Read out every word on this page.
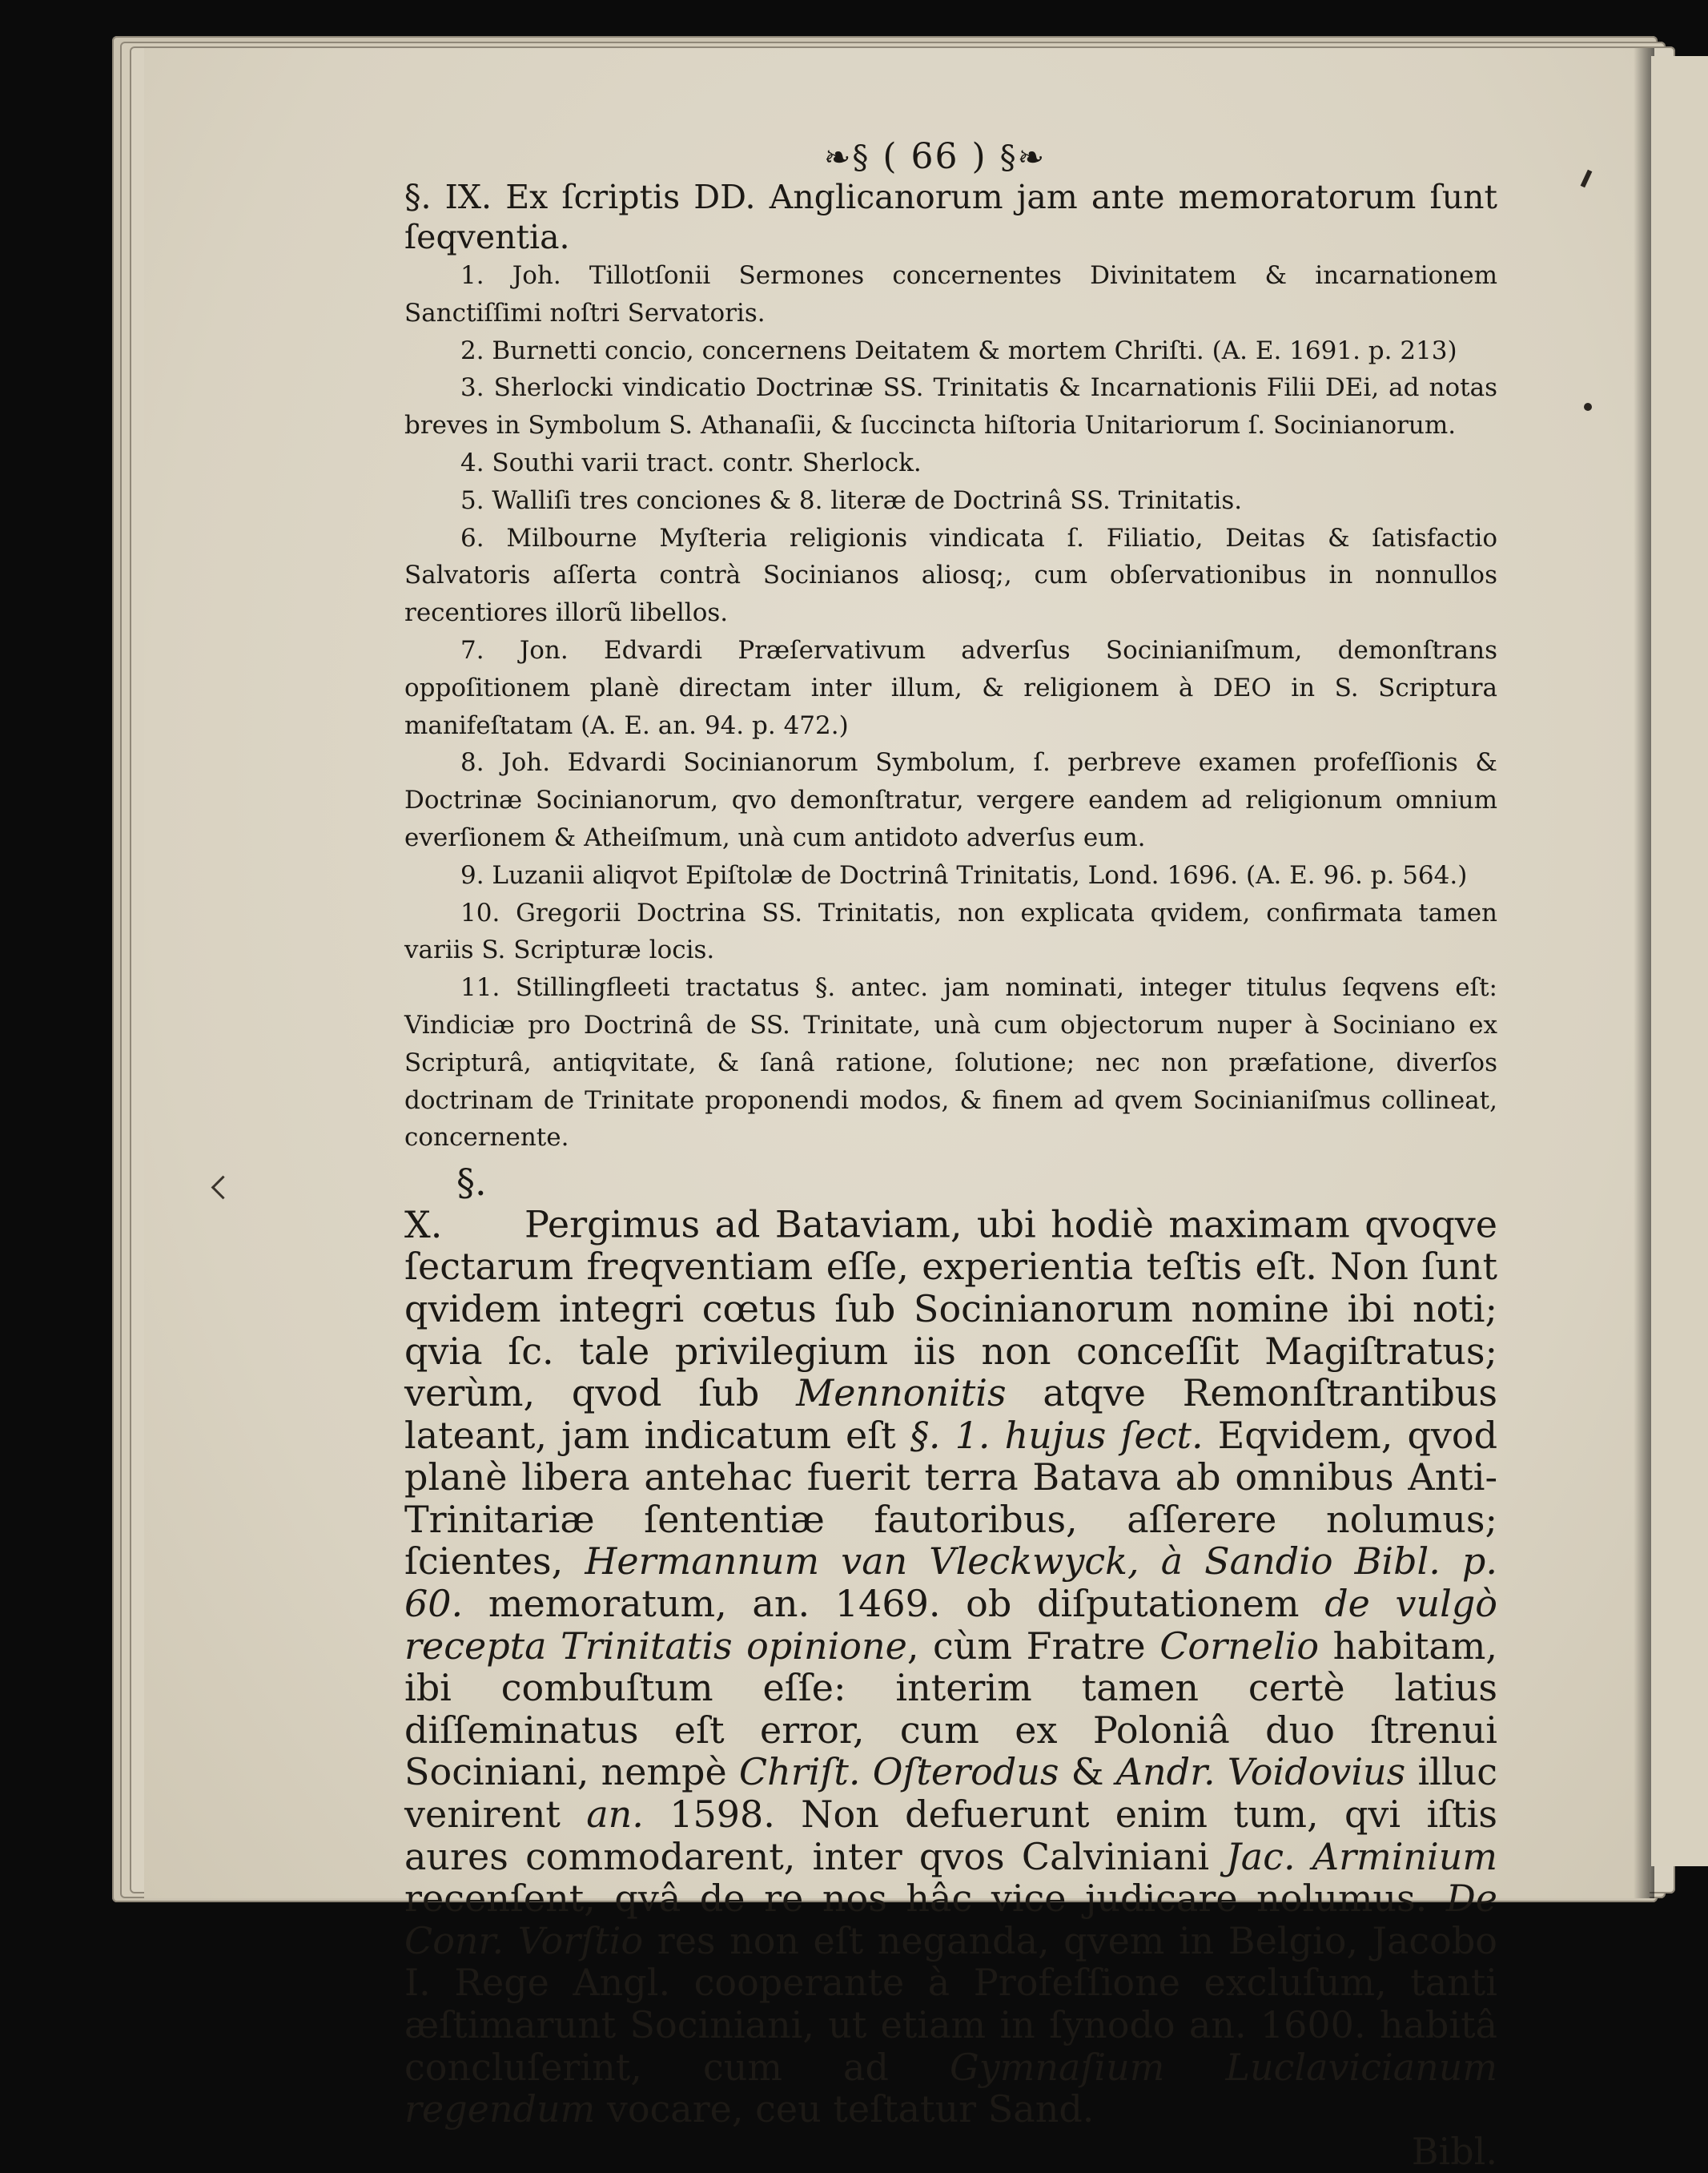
❧§ ( 66 ) §❧

§. IX. Ex ſcriptis DD. Anglicanorum jam ante memoratorum ſunt ſeqventia.

1. Joh. Tillotſonii Sermones concernentes Divinitatem & incarnationem Sanctiſſimi noſtri Servatoris.

2. Burnetti concio, concernens Deitatem & mortem Chriſti. (A. E. 1691. p. 213)

3. Sherlocki vindicatio Doctrinæ SS. Trinitatis & Incarnationis Filii DEi, ad notas breves in Symbolum S. Athanaſii, & ſuccincta hiſtoria Unitariorum ſ. Socinianorum.

4. Southi varii tract. contr. Sherlock.

5. Walliſi tres conciones & 8. literæ de Doctrinâ SS. Trinitatis.

6. Milbourne Myſteria religionis vindicata ſ. Filiatio, Deitas & ſatisfactio Salvatoris aſſerta contrà Socinianos aliosq;, cum obſervationibus in nonnullos recentiores illorũ libellos.

7. Jon. Edvardi Præſervativum adverſus Socinianiſmum, demonſtrans oppoſitionem planè directam inter illum, & religionem à DEO in S. Scriptura manifeſtatam (A. E. an. 94. p. 472.)

8. Joh. Edvardi Socinianorum Symbolum, ſ. perbreve examen profeſſionis & Doctrinæ Socinianorum, qvo demonſtratur, vergere eandem ad religionum omnium everſionem & Atheiſmum, unà cum antidoto adverſus eum.

9. Luzanii aliqvot Epiſtolæ de Doctrinâ Trinitatis, Lond. 1696. (A. E. 96. p. 564.)

10. Gregorii Doctrina SS. Trinitatis, non explicata qvidem, confirmata tamen variis S. Scripturæ locis.

11. Stillingfleeti tractatus §. antec. jam nominati, integer titulus ſeqvens eſt: Vindiciæ pro Doctrinâ de SS. Trinitate, unà cum objectorum nuper à Sociniano ex Scripturâ, antiqvitate, & ſanâ ratione, ſolutione; nec non præfatione, diverſos doctrinam de Trinitate proponendi modos, & finem ad qvem Socinianiſmus collineat, concernente.

§. X. Pergimus ad Bataviam, ubi hodiè maximam qvoqve ſectarum freqventiam eſſe, experientia teſtis eſt. Non ſunt qvidem integri cœtus ſub Socinianorum nomine ibi noti; qvia ſc. tale privilegium iis non conceſſit Magiſtratus; verùm, qvod ſub Mennonitis atqve Remonſtrantibus lateant, jam indicatum eſt §. 1. hujus ſect. Eqvidem, qvod planè libera antehac fuerit terra Batava ab omnibus Anti-Trinitariæ ſententiæ fautoribus, aſſerere nolumus; ſcientes, Hermannum van Vleckwyck, à Sandio Bibl. p. 60. memoratum, an. 1469. ob diſputationem de vulgò recepta Trinitatis opinione, cùm Fratre Cornelio habitam, ibi combuſtum eſſe: interim tamen certè latius diſſeminatus eſt error, cum ex Poloniâ duo ſtrenui Sociniani, nempè Chriſt. Oſterodus & Andr. Voidovius illuc venirent an. 1598. Non defuerunt enim tum, qvi iſtis aures commodarent, inter qvos Calviniani Jac. Arminium recenſent, qvâ de re nos hâc vice judicare nolumus. De Conr. Vorſtio res non eſt neganda, qvem in Belgio, Jacobo I. Rege Angl. cooperante à Profeſſione excluſum, tanti æſtimarunt Sociniani, ut etiam in ſynodo an. 1600. habitâ concluſerint, cum ad Gymnaſium Luclavicianum regendum vocare, ceu teſtatur Sand.

Bibl.
